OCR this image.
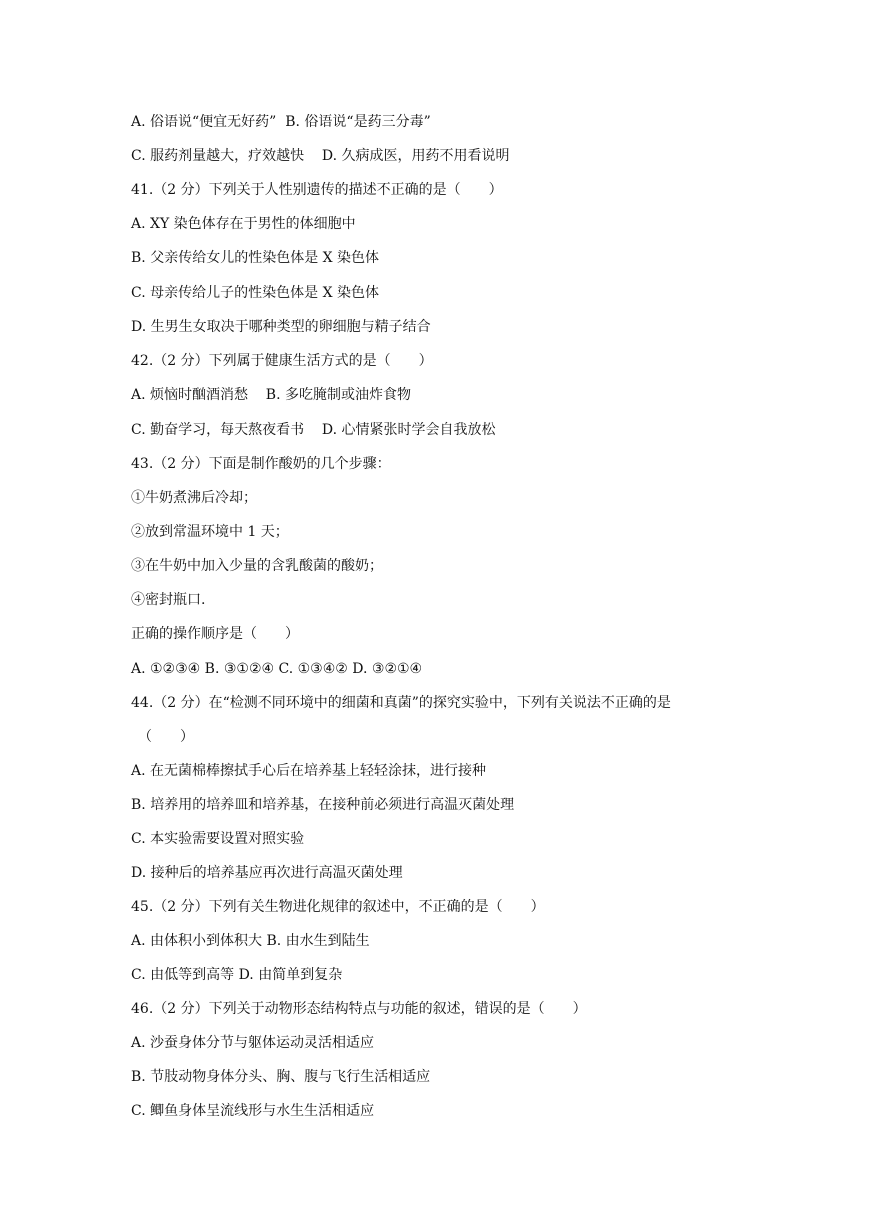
A. 俗语说“便宜无好药”  B. 俗语说“是药三分毒”
C. 服药剂量越大，疗效越快    D. 久病成医，用药不用看说明
41.（2 分）下列关于人性别遗传的描述不正确的是（　　）
A. XY 染色体存在于男性的体细胞中
B. 父亲传给女儿的性染色体是 X 染色体
C. 母亲传给儿子的性染色体是 X 染色体
D. 生男生女取决于哪种类型的卵细胞与精子结合
42.（2 分）下列属于健康生活方式的是（　　）
A. 烦恼时酗酒消愁    B. 多吃腌制或油炸食物
C. 勤奋学习，每天熬夜看书    D. 心情紧张时学会自我放松
43.（2 分）下面是制作酸奶的几个步骤：
①牛奶煮沸后冷却；
②放到常温环境中 1 天；
③在牛奶中加入少量的含乳酸菌的酸奶；
④密封瓶口.
正确的操作顺序是（　　）
A. ①②③④ B. ③①②④ C. ①③④② D. ③②①④
44.（2 分）在“检测不同环境中的细菌和真菌”的探究实验中，下列有关说法不正确的是
（　　）
A. 在无菌棉棒擦拭手心后在培养基上轻轻涂抹，进行接种
B. 培养用的培养皿和培养基，在接种前必须进行高温灭菌处理
C. 本实验需要设置对照实验
D. 接种后的培养基应再次进行高温灭菌处理
45.（2 分）下列有关生物进化规律的叙述中，不正确的是（　　）
A. 由体积小到体积大 B. 由水生到陆生
C. 由低等到高等 D. 由简单到复杂
46.（2 分）下列关于动物形态结构特点与功能的叙述，错误的是（　　）
A. 沙蚕身体分节与躯体运动灵活相适应
B. 节肢动物身体分头、胸、腹与飞行生活相适应
C. 鲫鱼身体呈流线形与水生生活相适应
